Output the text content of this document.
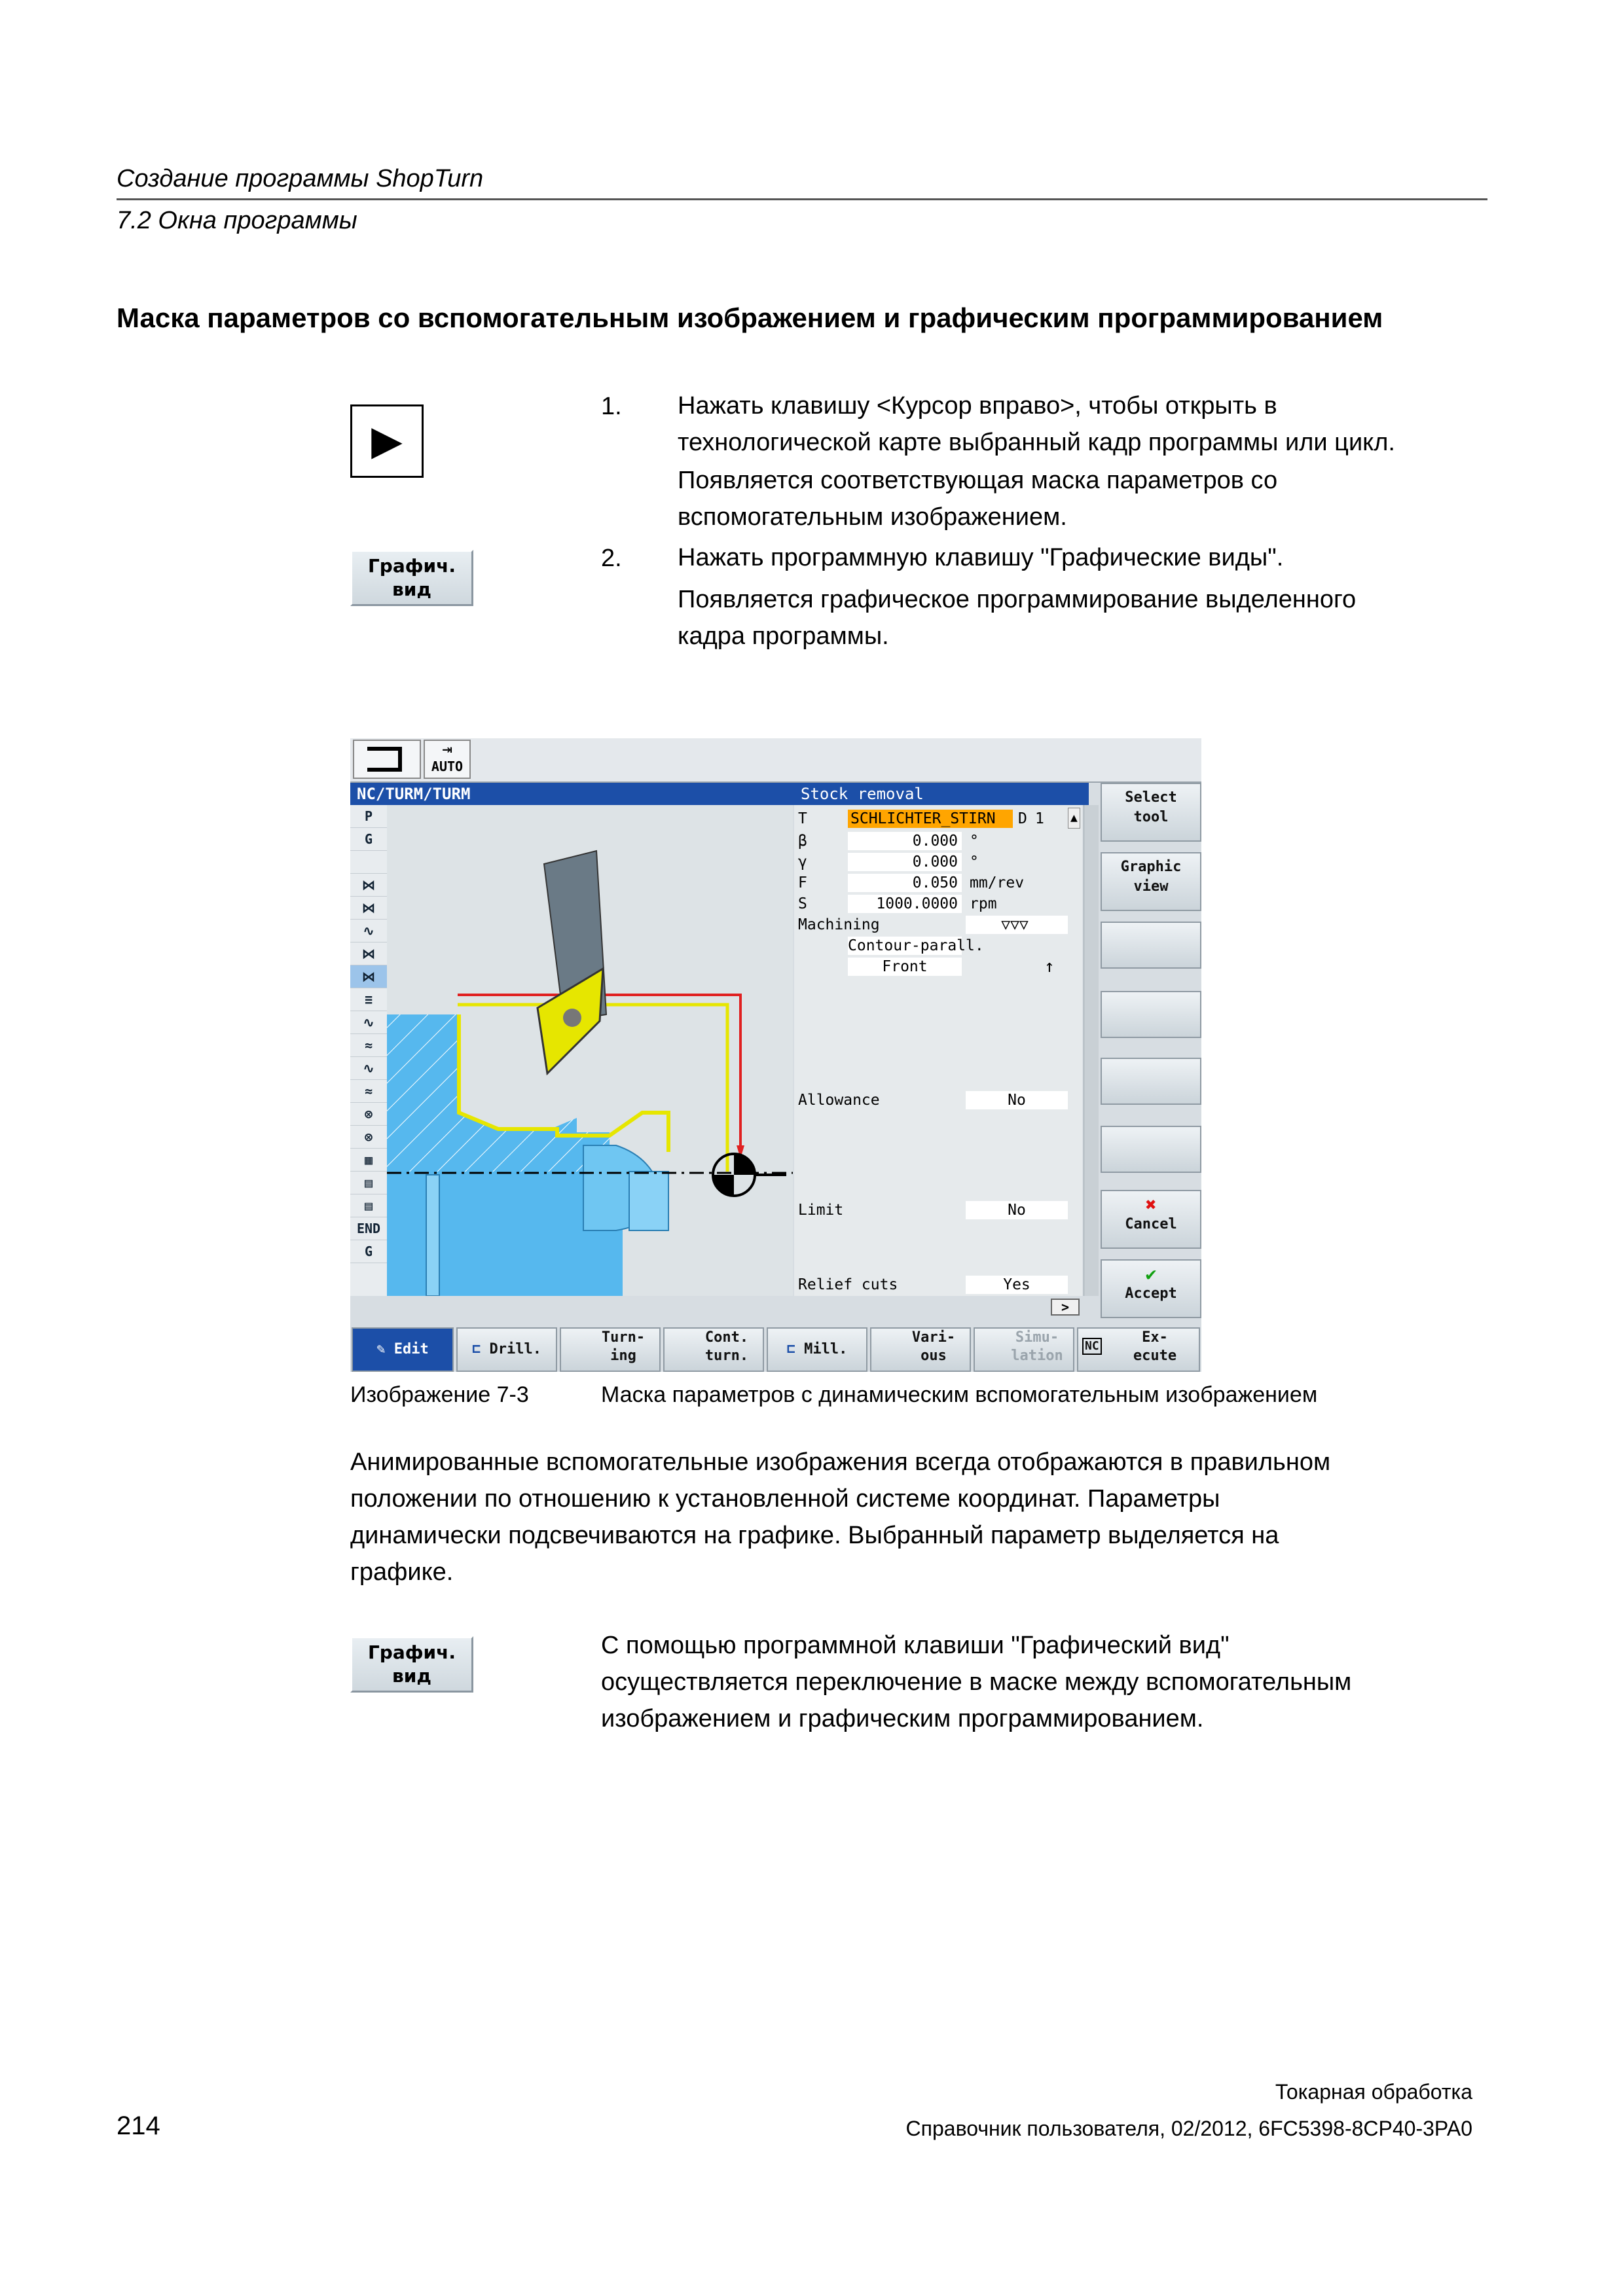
Создание программы ShopTurn
7.2 Окна программы
Маска параметров со вспомогательным изображением и графическим программированием
▶
1. Нажать клавишу <Курсор вправо>, чтобы открыть в
технологической карте выбранный кадр программы или цикл.
Появляется соответствующая маска параметров со
вспомогательным изображением.
Графич.
вид
2. Нажать программную клавишу "Графические виды".
Появляется графическое программирование выделенного
кадра программы.
⇥
AUTO
NC/TURM/TURM	Stock removal
P
G
⋈
⋈
∿
⋈
⋈
≡
∿
≈
∿
≈
⊗
⊗
▦
▤
▤
END
G
T	SCHLICHTER_STIRN	D 1 ▲
β	0.000 °
γ	0.000 °
F	0.050 mm/rev
S	1000.0000 rpm
Machining	▽▽▽
Contour-parall.
Front	↑
Allowance	No
Limit	No
Relief cuts	Yes
>
Select
tool
Graphic
view
✖
Cancel
✔
Accept
✎ Edit	⊏ Drill.
Turn-
ing
Cont.
turn.	⊏ Mill.
Vari-
ous
Simu-
lation
NC
Ex-
ecute
Изображение 7-3	Маска параметров с динамическим вспомогательным изображением
Анимированные вспомогательные изображения всегда отображаются в правильном
положении по отношению к установленной системе координат. Параметры
динамически подсвечиваются на графике. Выбранный параметр выделяется на
графике.
Графич.
вид
С помощью программной клавиши "Графический вид"
осуществляется переключение в маске между вспомогательным
изображением и графическим программированием.
Токарная обработка
214	Справочник пользователя, 02/2012, 6FC5398-8CP40-3PA0
